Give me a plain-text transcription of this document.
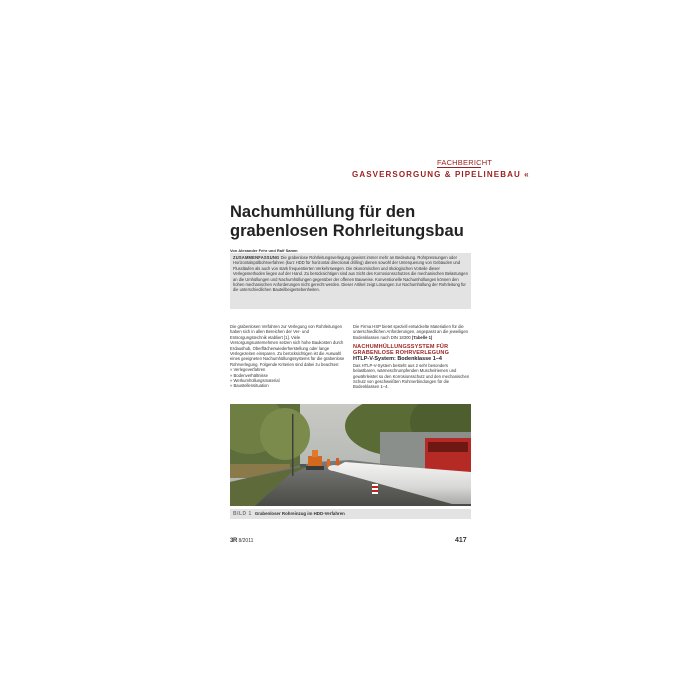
FACHBERICHT
GASVERSORGUNG & PIPELINEBAU «
Nachumhüllung für den grabenlosen Rohrleitungsbau
Von Alexander Fehr und Ralf Samm
ZUSAMMENFASSUNG Die grabenlose Rohrleitungsverlegung gewinnt immer mehr an Bedeutung. Rohrpressungen oder Horizontalspülbohrverfahren (kurz HDD für horizontal directional drilling) dienen sowohl der Unterquerung von Gebäuden und Flussläufen als auch von stark frequentierten Verkehrswegen. Die ökonomischen und ökologischen Vorteile dieser Verlegemethoden liegen auf der Hand. Zu berücksichtigen sind aus Sicht des Korrosionsschutzes die mechanischen Belastungen an die Umhüllungen und Nachumhüllungen gegenüber der offenen Bauweise. Konventionelle Nachumhüllungen können den hohen mechanischen Anforderungen nicht gerecht werden. Dieser Artikel zeigt Lösungen zur Nachumhüllung der Rohrleitung für die unterschiedlichen Bauteilbeigentebenheiten.
Die grabenlosen Verfahren zur Verlegung von Rohrleitungen haben sich in allen Bereichen der Ver- und Entsorgungstechnik etabliert [1]. Viele Versorgungsunternehmen setzen sich hohe Baukosten durch Erdaushub, Oberflächenwiederherstellung oder lange Verlegezeiten einsparen. Zu berücksichtigen ist die Auswahl eines geeigneten Nachumhüllungssystems für die grabenlose Rohrverlegung. Folgende Kriterien sind dabei zu beachten:
» Verlegeverfahren
» Bodenverhältnisse
» Werkumhüllungsmaterial
» Baustellensituation
Die Firma HSP bietet speziell entwickelte Materialien für die unterschiedlichen Anforderungen, angepasst an die jeweiligen Bodenklassen nach DIN 18300 (Tabelle 1)
NACHUMHÜLLUNGSSYSTEM FÜR GRABENLOSE ROHRVERLEGUNG
HTLP-V-System: Bodenklasse 1–4
Das HTLP-V-System besteht aus 2 sehr besonders belastbaren, wärmeschrumpfenden Muschelriemen und gewährleistet so den Korrosionsschutz und den mechanischen Schutz von geschweißten Rohrverbindungen für die Bodenklassen 1–4.
BILD 1 Grabenloser Rohreinzug im HDD-Verfahren
3R 8/2011	417
